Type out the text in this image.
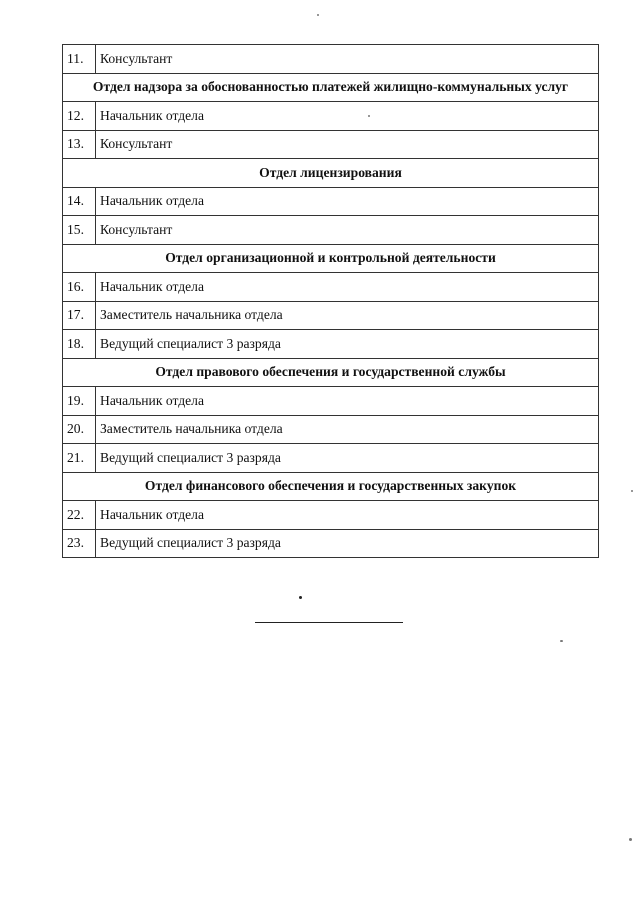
11.	Консультант
Отдел надзора за обоснованностью платежей жилищно-коммунальных услуг	
12.	Начальник отдела
13.	Консультант
Отдел лицензирования	
14.	Начальник отдела
15.	Консультант
Отдел организационной и контрольной деятельности	
16.	Начальник отдела
17.	Заместитель начальника отдела
18.	Ведущий специалист 3 разряда
Отдел правового обеспечения и государственной службы	
19.	Начальник отдела
20.	Заместитель начальника отдела
21.	Ведущий специалист 3 разряда
Отдел финансового обеспечения и государственных закупок	
22.	Начальник отдела
23.	Ведущий специалист 3 разряда
